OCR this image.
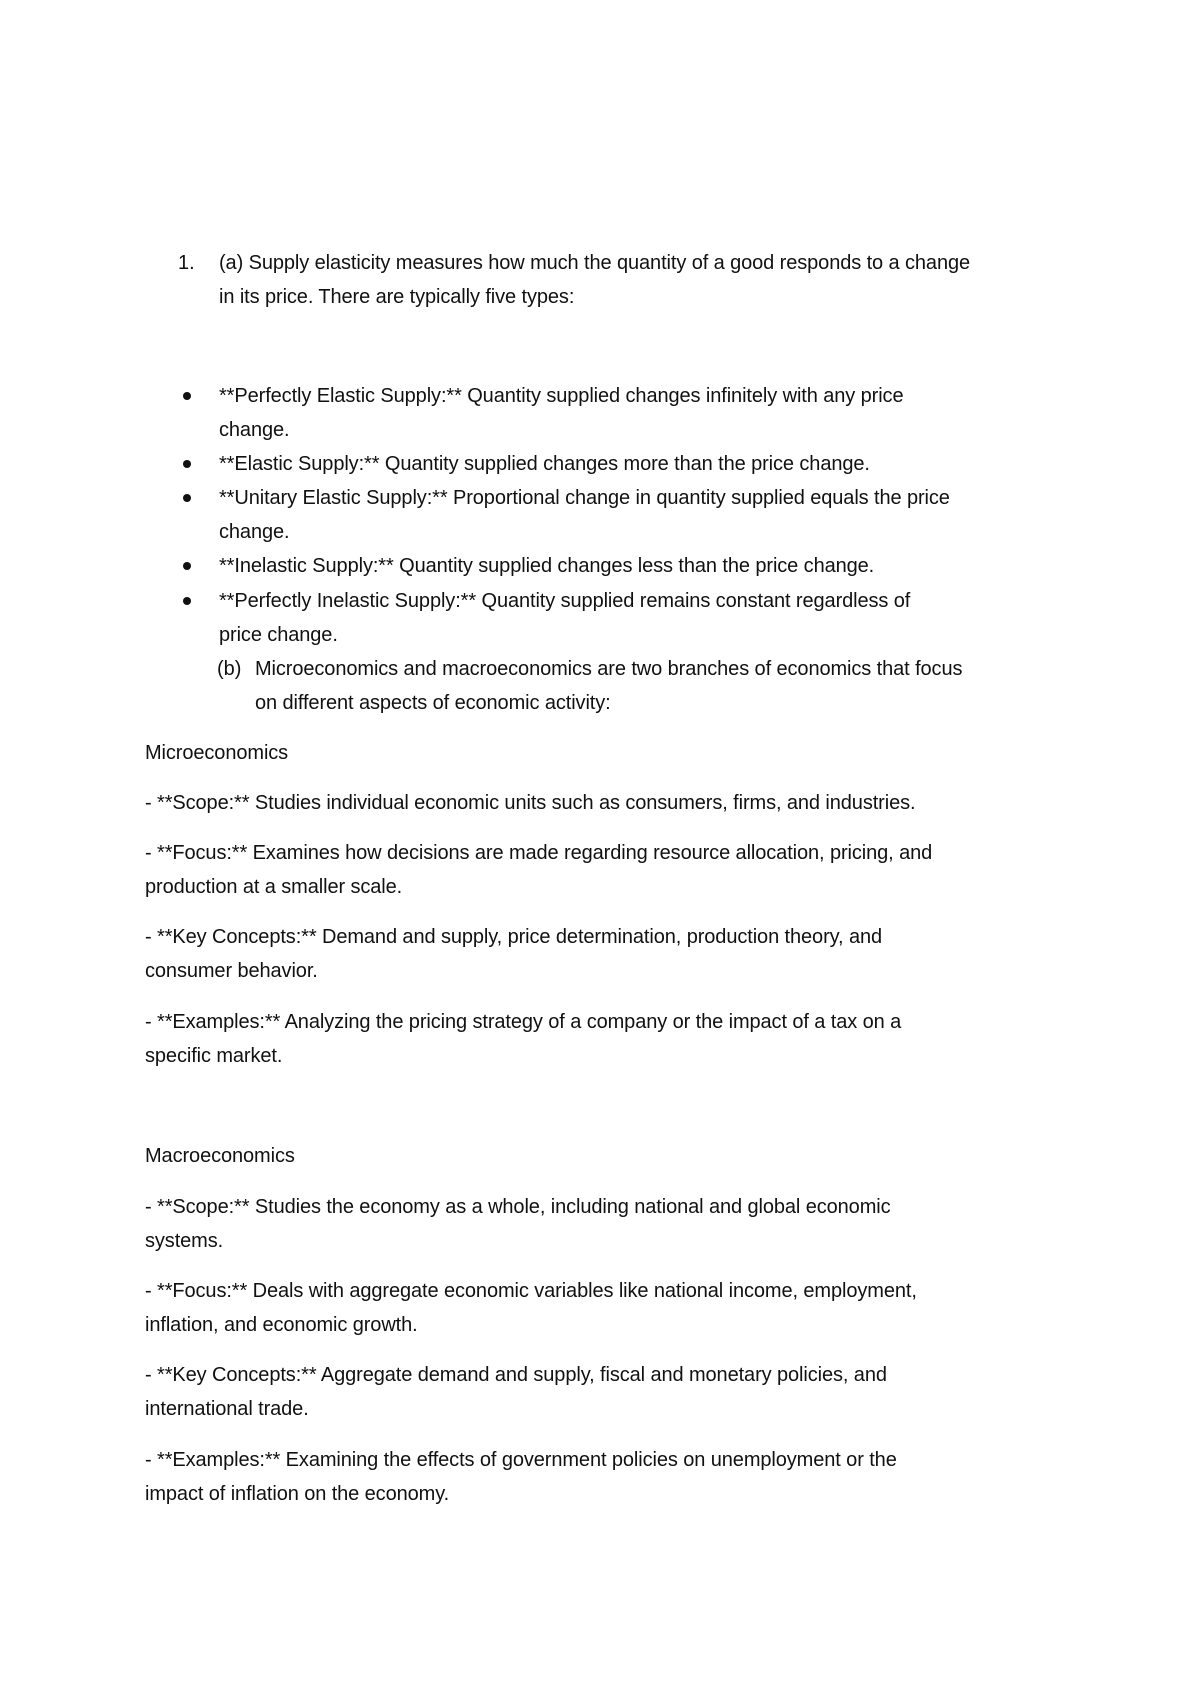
1. (a) Supply elasticity measures how much the quantity of a good responds to a change
in its price. There are typically five types:
**Perfectly Elastic Supply:** Quantity supplied changes infinitely with any price
change.
**Elastic Supply:** Quantity supplied changes more than the price change.
**Unitary Elastic Supply:** Proportional change in quantity supplied equals the price
change.
**Inelastic Supply:** Quantity supplied changes less than the price change.
**Perfectly Inelastic Supply:** Quantity supplied remains constant regardless of
price change.
(b) Microeconomics and macroeconomics are two branches of economics that focus
on different aspects of economic activity:
Microeconomics
- **Scope:** Studies individual economic units such as consumers, firms, and industries.
- **Focus:** Examines how decisions are made regarding resource allocation, pricing, and
production at a smaller scale.
- **Key Concepts:** Demand and supply, price determination, production theory, and
consumer behavior.
- **Examples:** Analyzing the pricing strategy of a company or the impact of a tax on a
specific market.
Macroeconomics
- **Scope:** Studies the economy as a whole, including national and global economic
systems.
- **Focus:** Deals with aggregate economic variables like national income, employment,
inflation, and economic growth.
- **Key Concepts:** Aggregate demand and supply, fiscal and monetary policies, and
international trade.
- **Examples:** Examining the effects of government policies on unemployment or the
impact of inflation on the economy.
